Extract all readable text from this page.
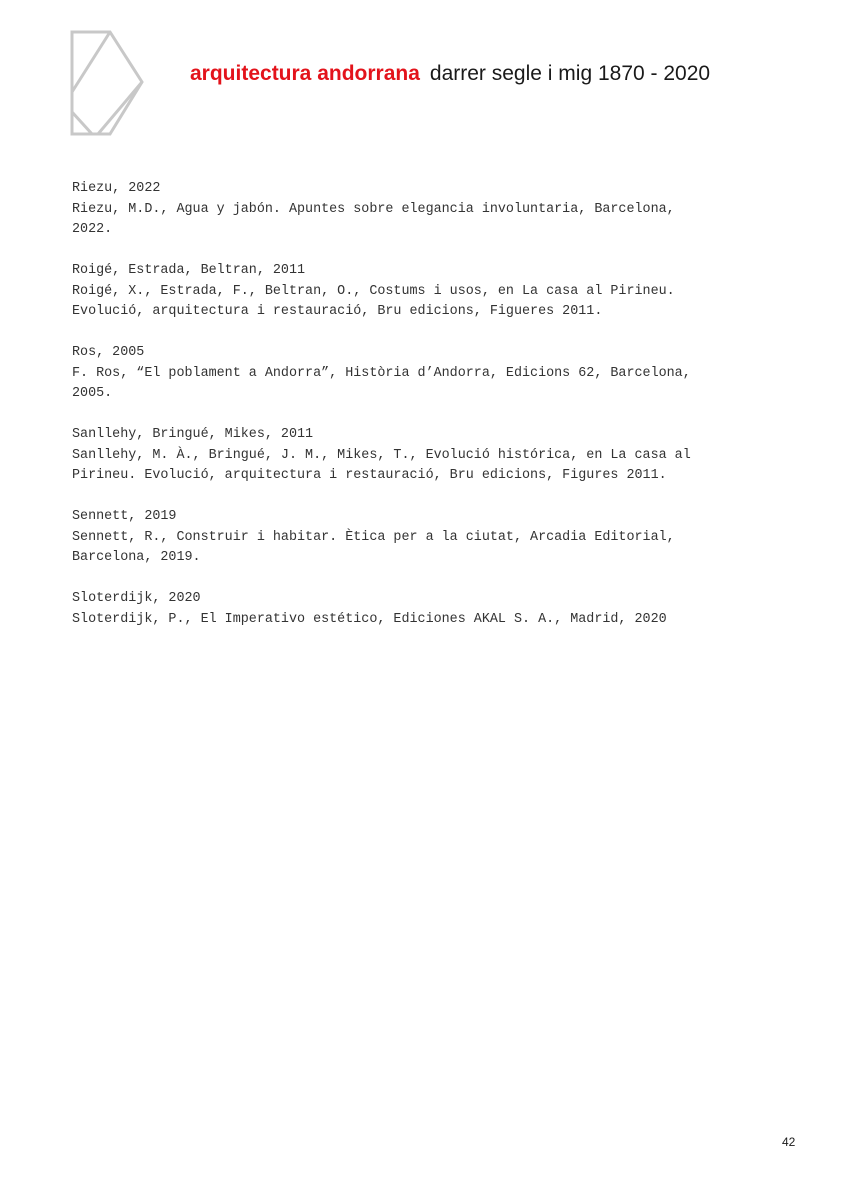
arquitectura andorrana darrer segle i mig 1870 - 2020
Riezu, 2022
Riezu, M.D., Agua y jabón. Apuntes sobre elegancia involuntaria, Barcelona,
2022.
Roigé, Estrada, Beltran, 2011
Roigé, X., Estrada, F., Beltran, O., Costums i usos, en La casa al Pirineu.
Evolució, arquitectura i restauració, Bru edicions, Figueres 2011.
Ros, 2005
F. Ros, “El poblament a Andorra”, Història d’Andorra, Edicions 62, Barcelona,
2005.
Sanllehy, Bringué, Mikes, 2011
Sanllehy, M. À., Bringué, J. M., Mikes, T., Evolució histórica, en La casa al
Pirineu. Evolució, arquitectura i restauració, Bru edicions, Figures 2011.
Sennett, 2019
Sennett, R., Construir i habitar. Ètica per a la ciutat, Arcadia Editorial,
Barcelona, 2019.
Sloterdijk, 2020
Sloterdijk, P., El Imperativo estético, Ediciones AKAL S. A., Madrid, 2020
42
